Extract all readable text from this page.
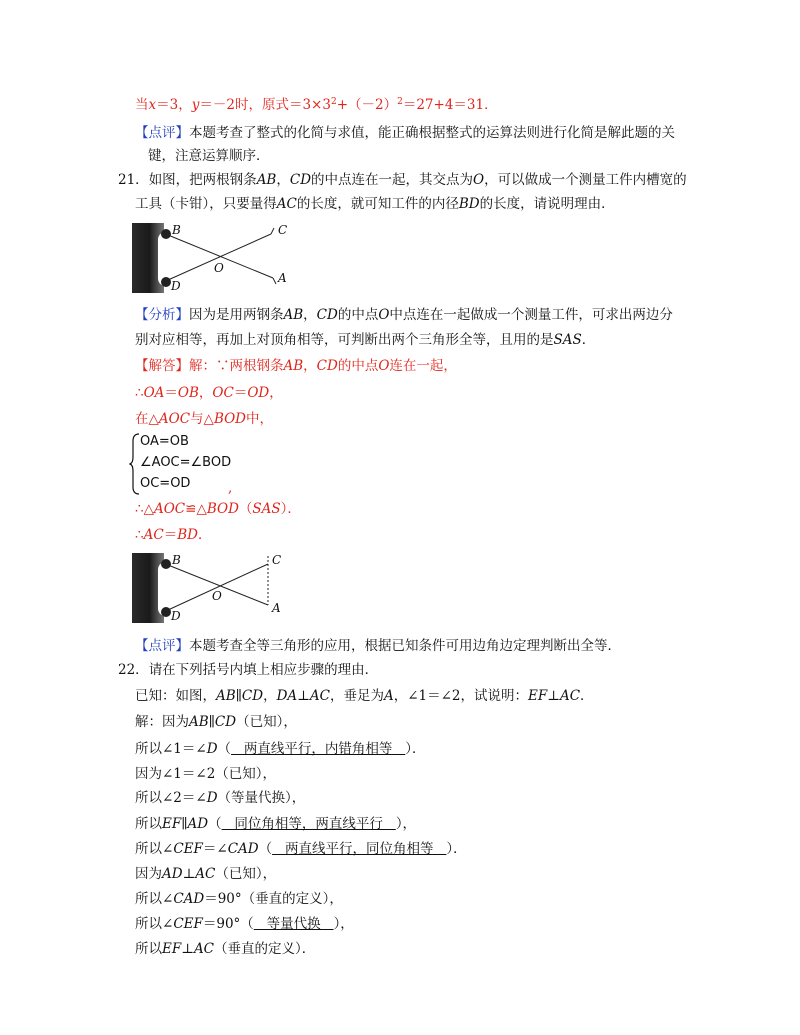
当x＝3，y＝－2时，原式$=3\times 3^2+(-2)^2=27+4=31$．
【点评】本题考查了整式的化简与求值，能正确根据整式的运算法则进行化简是解此题的关
键，注意运算顺序．
21．如图，把两根钢条AB，CD的中点连在一起，其交点为O，可以做成一个测量工件内槽宽的
工具（卡钳），只要量得AC的长度，就可知工件的内径BD的长度，请说明理由．
B	C
O
D
A
【分析】因为是用两钢条AB，CD的中点O中点连在一起做成一个测量工件，可求出两边分
别对应相等，再加上对顶角相等，可判断出两个三角形全等，且用的是SAS．
【解答】解：∵两根钢条AB，CD的中点O连在一起，
∴OA＝OB，OC＝OD，
在△AOC与△BOD中，
OA=OB
∠AOC=∠BOD
OC=OD	,
∴△AOC≌△BOD（SAS）．
∴AC＝BD．
B	C
O
D
A
【点评】本题考查全等三角形的应用，根据已知条件可用边角边定理判断出全等．
22．请在下列括号内填上相应步骤的理由．
已知：如图，AB∥CD，DA⊥AC，垂足为A，∠1＝∠2，试说明：EF⊥AC．
解：因为AB∥CD（已知），
所以∠1＝∠D（   两直线平行，内错角相等   ）．
因为∠1＝∠2（已知），
所以∠2＝∠D（等量代换），
所以EF∥AD（   同位角相等，两直线平行   ），
所以∠CEF＝∠CAD（   两直线平行，同位角相等   ）．
因为AD⊥AC（已知），
所以∠CAD＝90°（垂直的定义），
所以∠CEF＝90°（   等量代换   ），
所以EF⊥AC（垂直的定义）．
